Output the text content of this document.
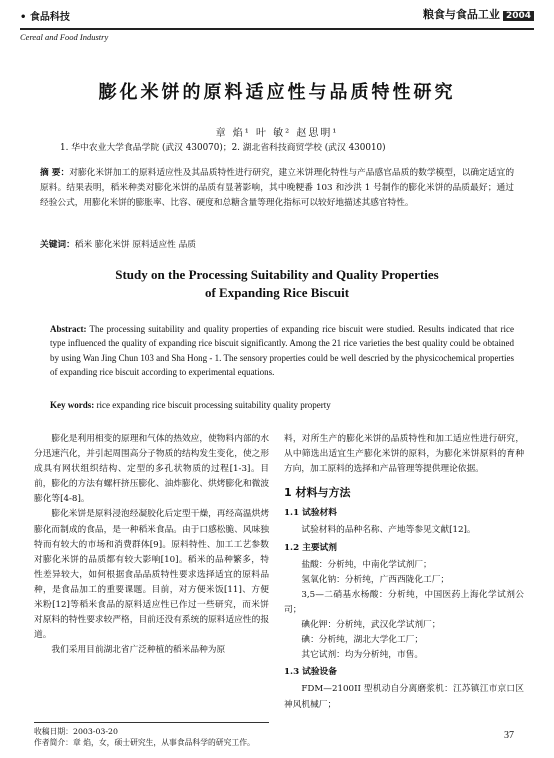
• 食品科技	粮食与食品工业 2004
Cereal and Food Industry
膨化米饼的原料适应性与品质特性研究
章 焰¹ 叶 敏² 赵思明¹
1. 华中农业大学食品学院 (武汉 430070)；2. 湖北省科技商贸学校 (武汉 430010)
摘 要：对膨化米饼加工的原料适应性及其品质特性进行研究，建立米饼理化特性与产品感官品质的数学模型，以确定适宜的原料。结果表明，稻米种类对膨化米饼的品质有显著影响，其中晚粳番 103 和沙洪 1 号制作的膨化米饼的品质最好；通过经验公式，用膨化米饼的膨胀率、比容、硬度和总糖含量等理化指标可以较好地描述其感官特性。
关键词：稻米 膨化米饼 原料适应性 品质
Study on the Processing Suitability and Quality Properties
of Expanding Rice Biscuit
Abstract: The processing suitability and quality properties of expanding rice biscuit were studied. Results indicated that rice type influenced the quality of expanding rice biscuit significantly. Among the 21 rice varieties the best quality could be obtained by using Wan Jing Chun 103 and Sha Hong - 1. The sensory properties could be well descried by the physicochemical properties of expanding rice biscuit according to experimental equations.
Key words: rice expanding rice biscuit processing suitability quality property

膨化是利用相变的原理和气体的热效应，使物料内部的水分迅速汽化，并引起周围高分子物质的结构发生变化，使之形成具有网状组织结构、定型的多孔状物质的过程[1-3]。目前，膨化的方法有螺杆挤压膨化、油炸膨化、烘烤膨化和微波膨化等[4-8]。

膨化米饼是原料浸泡经凝胶化后定型干燥，再经高温烘烤膨化而制成的食品，是一种稻米食品。由于口感松脆、风味独特而有较大的市场和消费群体[9]。原料特性、加工工艺参数对膨化米饼的品质都有较大影响[10]。稻米的品种繁多，特性差异较大，如何根据食品品质特性要求选择适宜的原料品种，是食品加工的重要课题。目前，对方便米饭[11]、方便米粉[12]等稻米食品的原料适应性已作过一些研究，而米饼对原料的特性要求较严格，目前还没有系统的原料适应性的报道。

我们采用目前湖北省广泛种植的稻米品种为原

料，对所生产的膨化米饼的品质特性和加工适应性进行研究，从中筛选出适宜生产膨化米饼的原料，为膨化米饼原料的育种方向，加工原料的选择和产品管理等提供理论依据。

1 材料与方法
1.1 试验材料

试验材料的品种名称、产地等参见文献[12]。

1.2 主要试剂

盐酸：分析纯，中南化学试剂厂；

氢氧化钠：分析纯，广西西陇化工厂；

3,5—二硝基水杨酸：分析纯，中国医药上海化学试剂公司；

碘化钾：分析纯，武汉化学试剂厂；

碘：分析纯，湖北大学化工厂；

其它试剂：均为分析纯，市售。

1.3 试验设备

FDM—2100II 型机动自分离磨浆机：江苏镇江市京口区神风机械厂；

收稿日期：2003-03-20
作者简介：章 焰，女，硕士研究生，从事食品科学的研究工作。
37
